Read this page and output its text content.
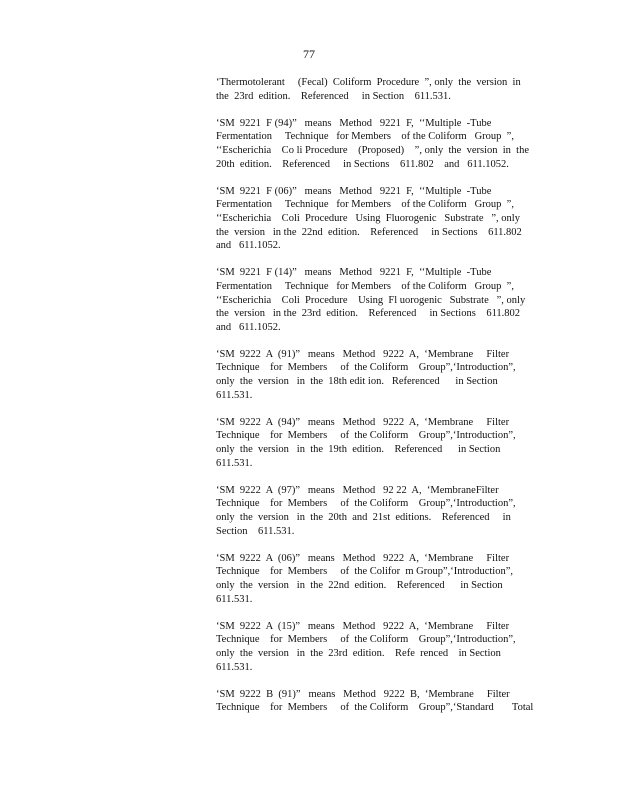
77

‘Thermotolerant     (Fecal)  Coliform  Procedure  ”, only  the  version  in
the  23rd  edition.    Referenced     in Section    611.531.

‘SM  9221  F (94)”   means   Method   9221  F,  ‘‘Multiple  -Tube
Fermentation     Technique   for Members    of the Coliform   Group  ”,
‘‘Escherichia    Co li Procedure    (Proposed)    ”, only  the  version  in  the
20th  edition.    Referenced     in Sections    611.802    and   611.1052.

‘SM  9221  F (06)”   means   Method   9221  F,  ‘‘Multiple  -Tube
Fermentation     Technique   for Members    of the Coliform   Group  ”,
‘‘Escherichia    Coli  Procedure   Using  Fluorogenic   Substrate   ”, only
the  version   in the  22nd  edition.    Referenced     in Sections    611.802
and   611.1052.

‘SM  9221  F (14)”   means   Method   9221  F,  ‘‘Multiple  -Tube
Fermentation     Technique   for Members    of the Coliform   Group  ”,
‘‘Escherichia    Coli  Procedure    Using  Fl uorogenic   Substrate   ”, only
the  version   in the  23rd  edition.    Referenced     in Sections    611.802
and   611.1052.

‘SM  9222  A  (91)”   means   Method   9222  A,  ‘Membrane     Filter
Technique    for  Members     of  the Coliform    Group”,‘Introduction”,
only  the  version   in  the  18th edit ion.   Referenced      in Section
611.531.

‘SM  9222  A  (94)”   means   Method   9222  A,  ‘Membrane     Filter
Technique    for  Members     of  the Coliform    Group”,‘Introduction”,
only  the  version   in  the  19th  edition.    Referenced      in Section
611.531.

‘SM  9222  A  (97)”   means   Method   92 22  A,  ‘MembraneFilter
Technique    for  Members     of  the Coliform    Group”,‘Introduction”,
only  the  version   in  the  20th  and  21st  editions.    Referenced     in
Section    611.531.

‘SM  9222  A  (06)”   means   Method   9222  A,  ‘Membrane     Filter
Technique    for  Members     of  the Colifor  m Group”,‘Introduction”,
only  the  version   in  the  22nd  edition.    Referenced      in Section
611.531.

‘SM  9222  A  (15)”   means   Method   9222  A,  ‘Membrane     Filter
Technique    for  Members     of  the Coliform    Group”,‘Introduction”,
only  the  version   in  the  23rd  edition.    Refe  renced    in Section
611.531.

‘SM  9222  B  (91)”   means   Method   9222  B,  ‘Membrane     Filter
Technique    for  Members     of  the Coliform    Group”,‘Standard       Total
